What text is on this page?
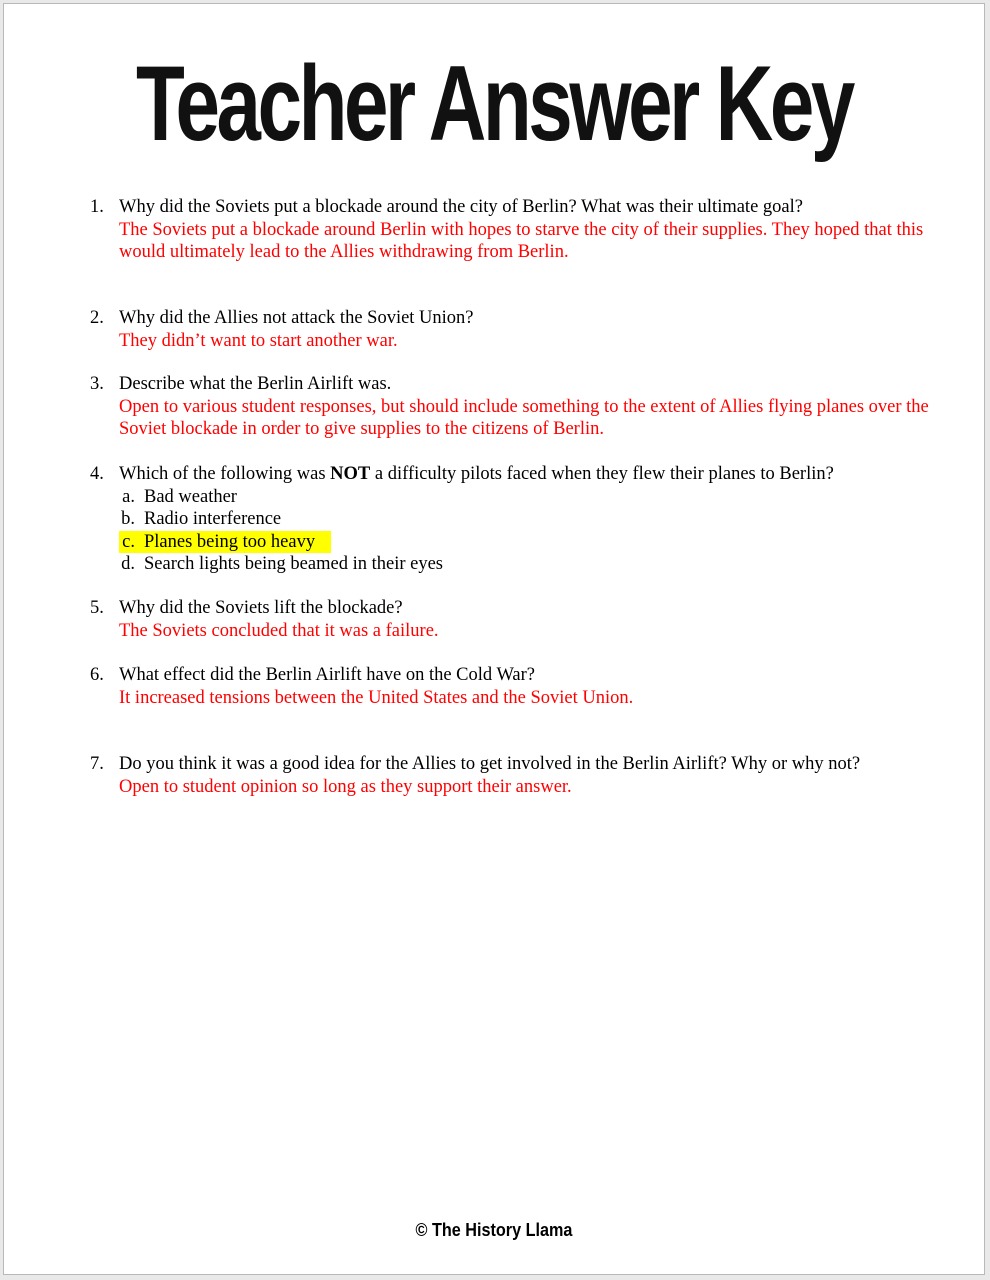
Teacher Answer Key
1. Why did the Soviets put a blockade around the city of Berlin? What was their ultimate goal?
The Soviets put a blockade around Berlin with hopes to starve the city of their supplies. They hoped that this would ultimately lead to the Allies withdrawing from Berlin.
2. Why did the Allies not attack the Soviet Union?
They didn’t want to start another war.
3. Describe what the Berlin Airlift was.
Open to various student responses, but should include something to the extent of Allies flying planes over the Soviet blockade in order to give supplies to the citizens of Berlin.
4. Which of the following was NOT a difficulty pilots faced when they flew their planes to Berlin?
a. Bad weather
b. Radio interference
c. Planes being too heavy
d. Search lights being beamed in their eyes
5. Why did the Soviets lift the blockade?
The Soviets concluded that it was a failure.
6. What effect did the Berlin Airlift have on the Cold War?
It increased tensions between the United States and the Soviet Union.
7. Do you think it was a good idea for the Allies to get involved in the Berlin Airlift? Why or why not?
Open to student opinion so long as they support their answer.
© The History Llama
